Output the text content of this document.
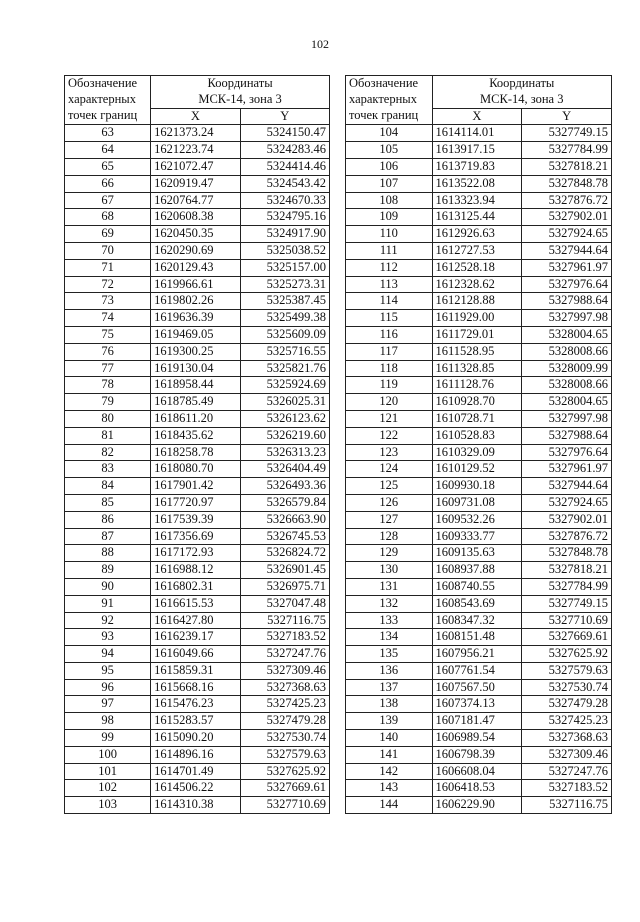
102
Обозначение
характерных
точек границ	Координаты
МСК-14, зона 3	
	X	Y
63	1621373.24	5324150.47
64	1621223.74	5324283.46
65	1621072.47	5324414.46
66	1620919.47	5324543.42
67	1620764.77	5324670.33
68	1620608.38	5324795.16
69	1620450.35	5324917.90
70	1620290.69	5325038.52
71	1620129.43	5325157.00
72	1619966.61	5325273.31
73	1619802.26	5325387.45
74	1619636.39	5325499.38
75	1619469.05	5325609.09
76	1619300.25	5325716.55
77	1619130.04	5325821.76
78	1618958.44	5325924.69
79	1618785.49	5326025.31
80	1618611.20	5326123.62
81	1618435.62	5326219.60
82	1618258.78	5326313.23
83	1618080.70	5326404.49
84	1617901.42	5326493.36
85	1617720.97	5326579.84
86	1617539.39	5326663.90
87	1617356.69	5326745.53
88	1617172.93	5326824.72
89	1616988.12	5326901.45
90	1616802.31	5326975.71
91	1616615.53	5327047.48
92	1616427.80	5327116.75
93	1616239.17	5327183.52
94	1616049.66	5327247.76
95	1615859.31	5327309.46
96	1615668.16	5327368.63
97	1615476.23	5327425.23
98	1615283.57	5327479.28
99	1615090.20	5327530.74
100	1614896.16	5327579.63
101	1614701.49	5327625.92
102	1614506.22	5327669.61
103	1614310.38	5327710.69
Обозначение
характерных
точек границ	Координаты
МСК-14, зона 3	
	X	Y
104	1614114.01	5327749.15
105	1613917.15	5327784.99
106	1613719.83	5327818.21
107	1613522.08	5327848.78
108	1613323.94	5327876.72
109	1613125.44	5327902.01
110	1612926.63	5327924.65
111	1612727.53	5327944.64
112	1612528.18	5327961.97
113	1612328.62	5327976.64
114	1612128.88	5327988.64
115	1611929.00	5327997.98
116	1611729.01	5328004.65
117	1611528.95	5328008.66
118	1611328.85	5328009.99
119	1611128.76	5328008.66
120	1610928.70	5328004.65
121	1610728.71	5327997.98
122	1610528.83	5327988.64
123	1610329.09	5327976.64
124	1610129.52	5327961.97
125	1609930.18	5327944.64
126	1609731.08	5327924.65
127	1609532.26	5327902.01
128	1609333.77	5327876.72
129	1609135.63	5327848.78
130	1608937.88	5327818.21
131	1608740.55	5327784.99
132	1608543.69	5327749.15
133	1608347.32	5327710.69
134	1608151.48	5327669.61
135	1607956.21	5327625.92
136	1607761.54	5327579.63
137	1607567.50	5327530.74
138	1607374.13	5327479.28
139	1607181.47	5327425.23
140	1606989.54	5327368.63
141	1606798.39	5327309.46
142	1606608.04	5327247.76
143	1606418.53	5327183.52
144	1606229.90	5327116.75
